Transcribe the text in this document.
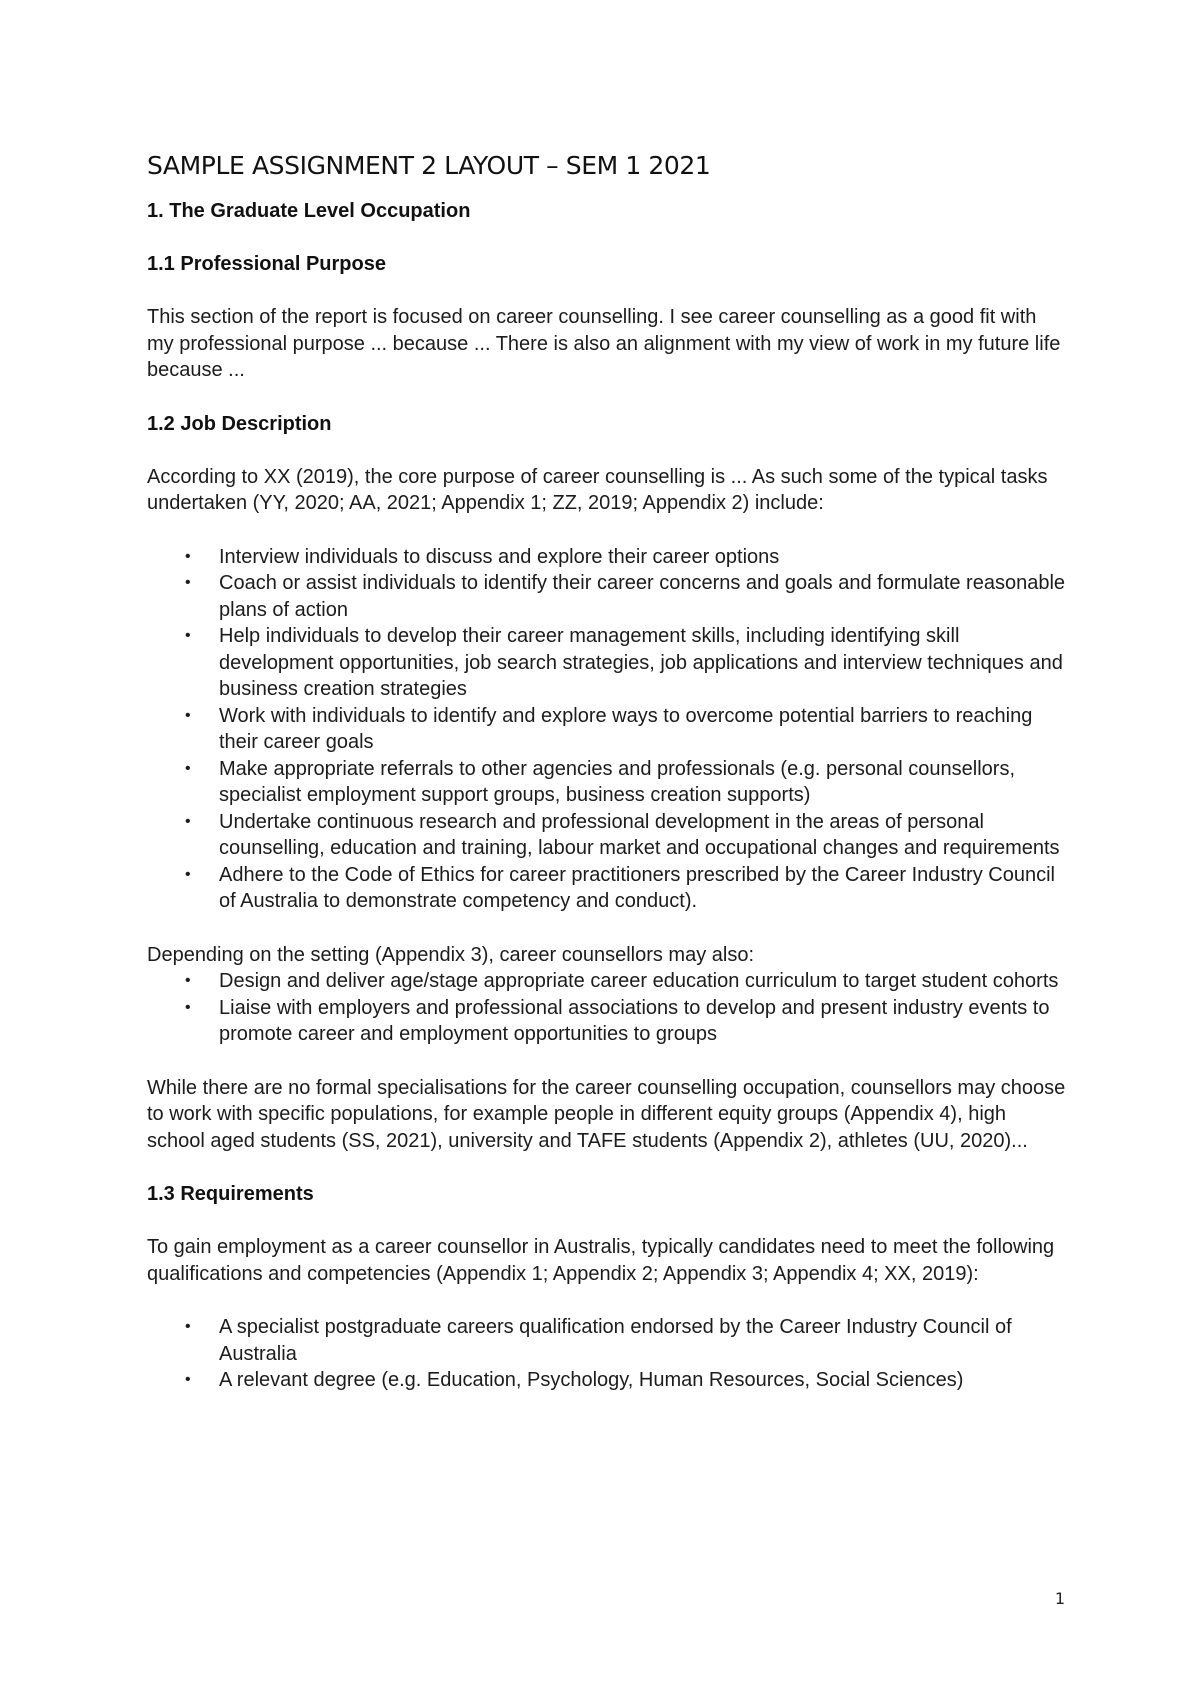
SAMPLE ASSIGNMENT 2 LAYOUT – SEM 1 2021
1. The Graduate Level Occupation
1.1 Professional Purpose

This section of the report is focused on career counselling. I see career counselling as a good fit with my professional purpose ... because ... There is also an alignment with my view of work in my future life because ...

1.2 Job Description

According to XX (2019), the core purpose of career counselling is ... As such some of the typical tasks undertaken (YY, 2020; AA, 2021; Appendix 1; ZZ, 2019; Appendix 2) include:

• Interview individuals to discuss and explore their career options
• Coach or assist individuals to identify their career concerns and goals and formulate reasonable plans of action
• Help individuals to develop their career management skills, including identifying skill development opportunities, job search strategies, job applications and interview techniques and business creation strategies
• Work with individuals to identify and explore ways to overcome potential barriers to reaching their career goals
• Make appropriate referrals to other agencies and professionals (e.g. personal counsellors, specialist employment support groups, business creation supports)
• Undertake continuous research and professional development in the areas of personal counselling, education and training, labour market and occupational changes and requirements
• Adhere to the Code of Ethics for career practitioners prescribed by the Career Industry Council of Australia to demonstrate competency and conduct).

Depending on the setting (Appendix 3), career counsellors may also:

• Design and deliver age/stage appropriate career education curriculum to target student cohorts
• Liaise with employers and professional associations to develop and present industry events to promote career and employment opportunities to groups

While there are no formal specialisations for the career counselling occupation, counsellors may choose to work with specific populations, for example people in different equity groups (Appendix 4), high school aged students (SS, 2021), university and TAFE students (Appendix 2), athletes (UU, 2020)...

1.3 Requirements

To gain employment as a career counsellor in Australis, typically candidates need to meet the following qualifications and competencies (Appendix 1; Appendix 2; Appendix 3; Appendix 4; XX, 2019):

• A specialist postgraduate careers qualification endorsed by the Career Industry Council of Australia
• A relevant degree (e.g. Education, Psychology, Human Resources, Social Sciences)
1
